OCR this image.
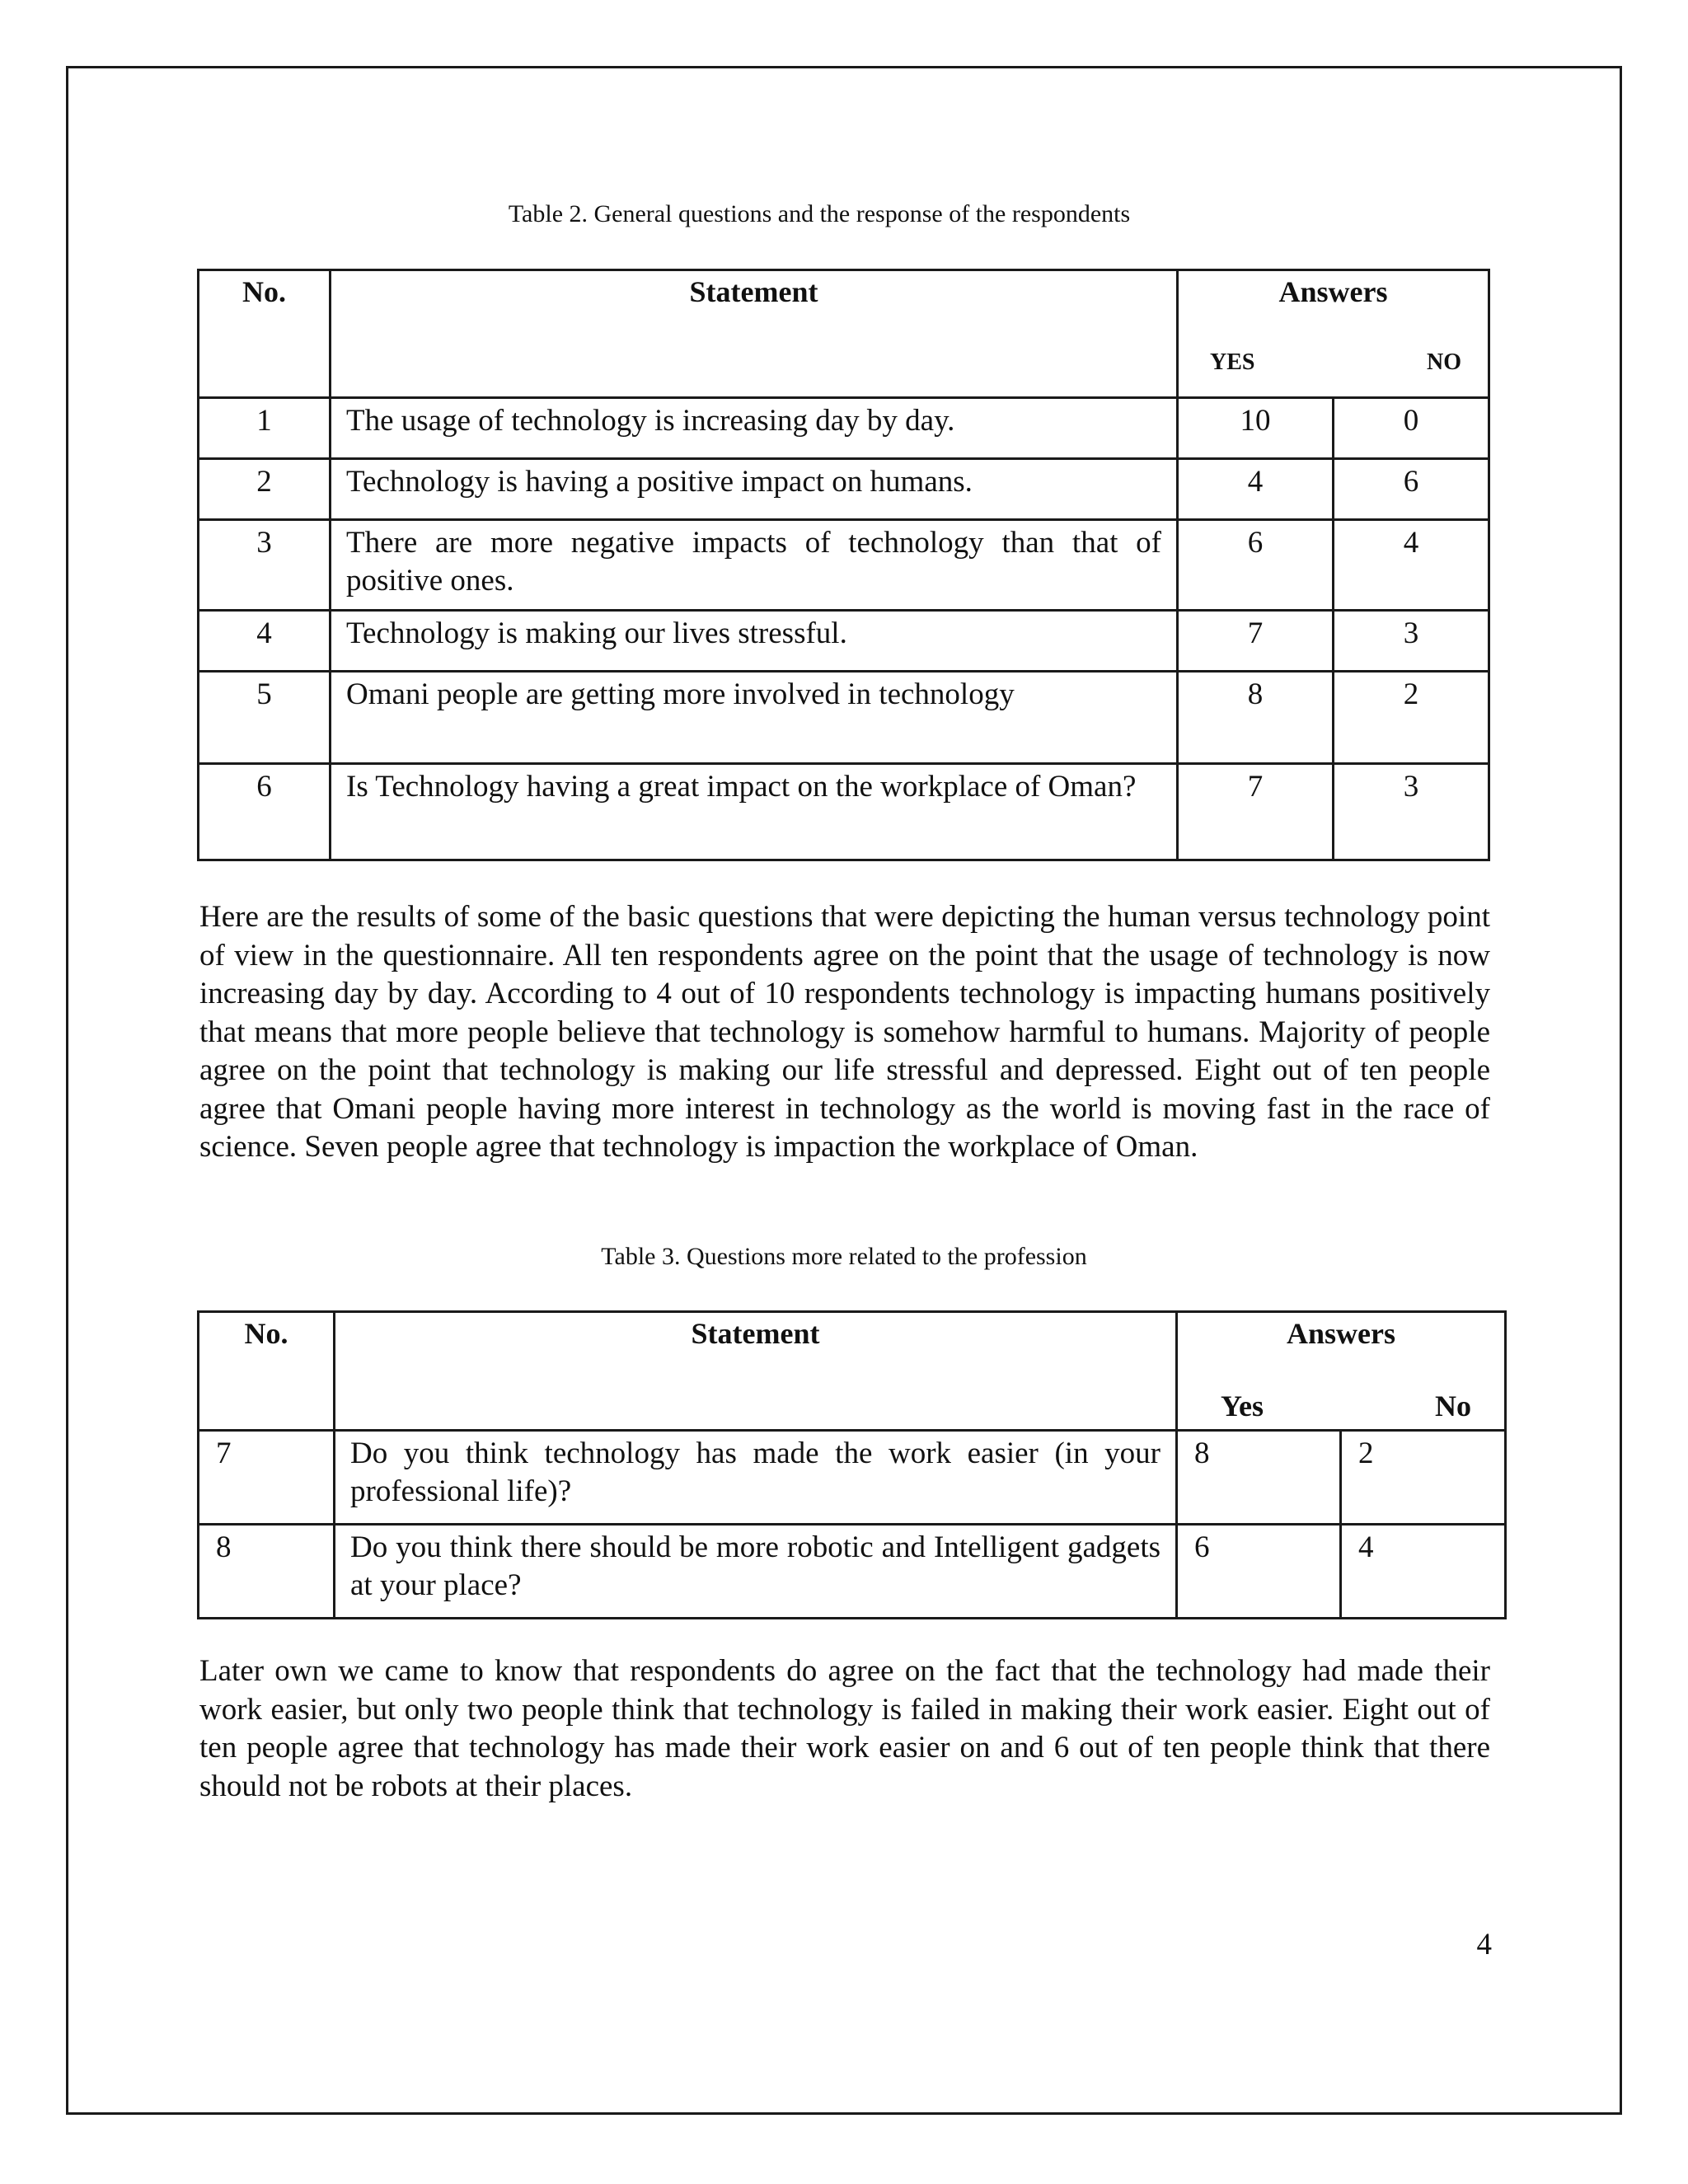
Table 2. General questions and the response of the respondents
No.	Statement	Answers
YES NO	

1	The usage of technology is increasing day by day.	10	0
2	Technology is having a positive impact on humans.	4	6
3	There are more negative impacts of technology than that of positive ones.	6	4
4	Technology is making our lives stressful.	7	3
5	Omani people are getting more involved in technology	8	2
6	Is Technology having a great impact on the workplace of Oman?	7	3
Here are the results of some of the basic questions that were depicting the human versus technology point of view in the questionnaire. All ten respondents agree on the point that the usage of technology is now increasing day by day. According to 4 out of 10 respondents technology is impacting humans positively that means that more people believe that technology is somehow harmful to humans. Majority of people agree on the point that technology is making our life stressful and depressed. Eight out of ten people agree that Omani people having more interest in technology as the world is moving fast in the race of science. Seven people agree that technology is impaction the workplace of Oman.
Table 3. Questions more related to the profession
No.	Statement	Answers
Yes No	

7	Do you think technology has made the work easier (in your professional life)?	8	2
8	Do you think there should be more robotic and Intelligent gadgets at your place?	6	4
Later own we came to know that respondents do agree on the fact that the technology had made their work easier, but only two people think that technology is failed in making their work easier. Eight out of ten people agree that technology has made their work easier on and 6 out of ten people think that there should not be robots at their places.
4
